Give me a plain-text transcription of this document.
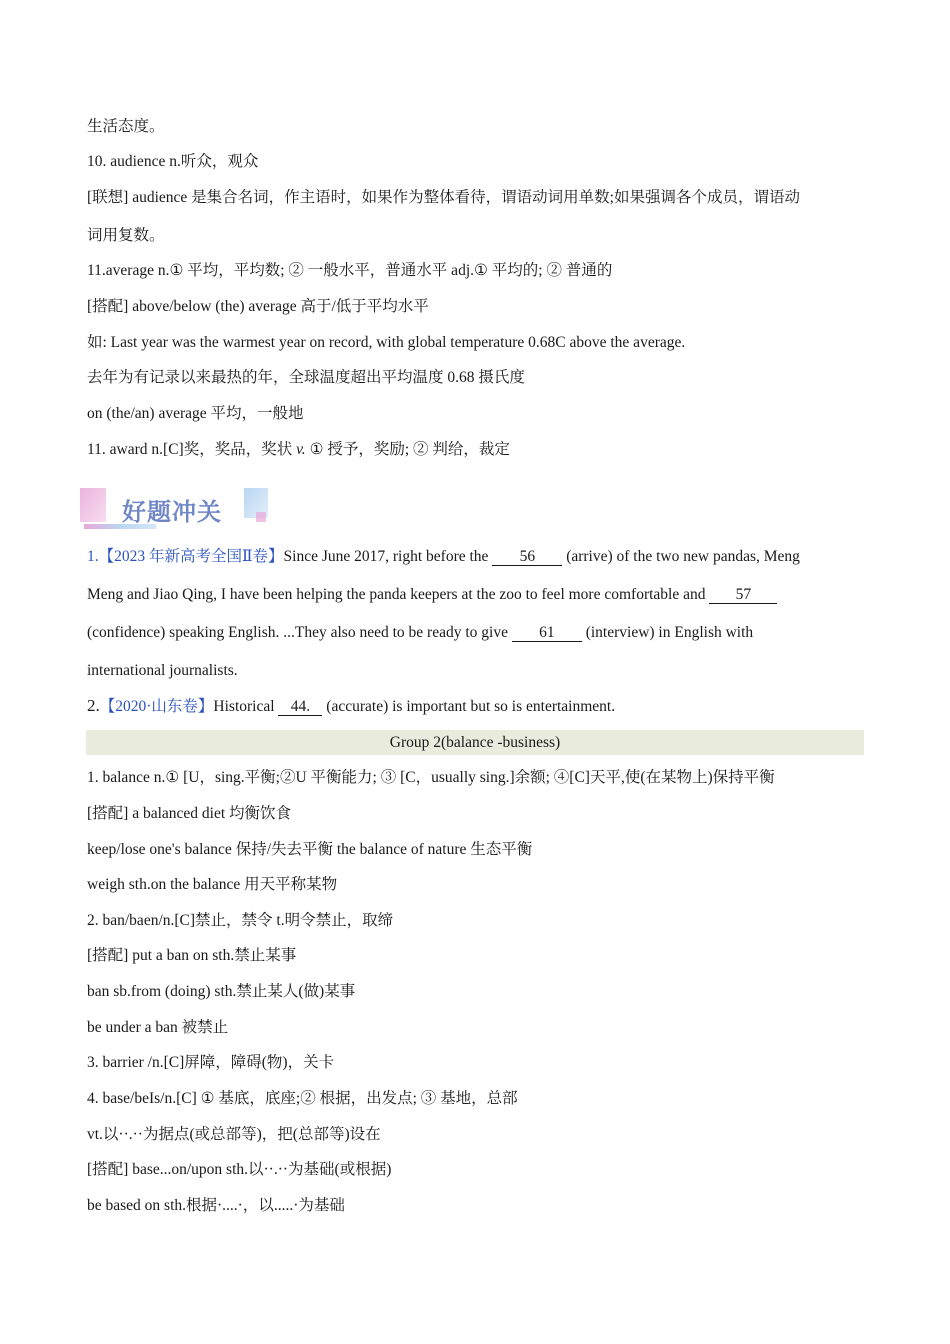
生活态度。
10. audience n.听众，观众
[联想] audience 是集合名词，作主语时，如果作为整体看待，谓语动词用单数;如果强调各个成员，谓语动
词用复数。
11.average n.① 平均，平均数; ② 一般水平，普通水平 adj.① 平均的; ② 普通的
[搭配] above/below (the) average 高于/低于平均水平
如: Last year was the warmest year on record, with global temperature 0.68C above the average.
去年为有记录以来最热的年，全球温度超出平均温度 0.68 摄氏度
on (the/an) average 平均，一般地
11. award n.[C]奖，奖品，奖状 v. ① 授予，奖励; ② 判给，裁定
好题冲关
1.【2023 年新高考全国Ⅱ卷】Since June 2017, right before the 56 (arrive) of the two new pandas, Meng
Meng and Jiao Qing, I have been helping the panda keepers at the zoo to feel more comfortable and 57
(confidence) speaking English. ...They also need to be ready to give 61 (interview) in English with
international journalists.
2.【2020·山东卷】Historical 44. (accurate) is important but so is entertainment.
Group 2(balance -business)
1. balance n.① [U，sing.平衡;②U 平衡能力; ③ [C，usually sing.]余额; ④[C]天平,使(在某物上)保持平衡
[搭配] a balanced diet 均衡饮食
keep/lose one's balance 保持/失去平衡 the balance of nature 生态平衡
weigh sth.on the balance 用天平称某物
2. ban/baen/n.[C]禁止，禁令 t.明令禁止，取缔
[搭配] put a ban on sth.禁止某事
ban sb.from (doing) sth.禁止某人(做)某事
be under a ban 被禁止
3. barrier /n.[C]屏障，障碍(物)，关卡
4. base/beIs/n.[C] ① 基底，底座;② 根据，出发点; ③ 基地，总部
vt.以··.··为据点(或总部等)，把(总部等)设在
[搭配] base...on/upon sth.以··.··为基础(或根据)
be based on sth.根据·....·，以.....·为基础
